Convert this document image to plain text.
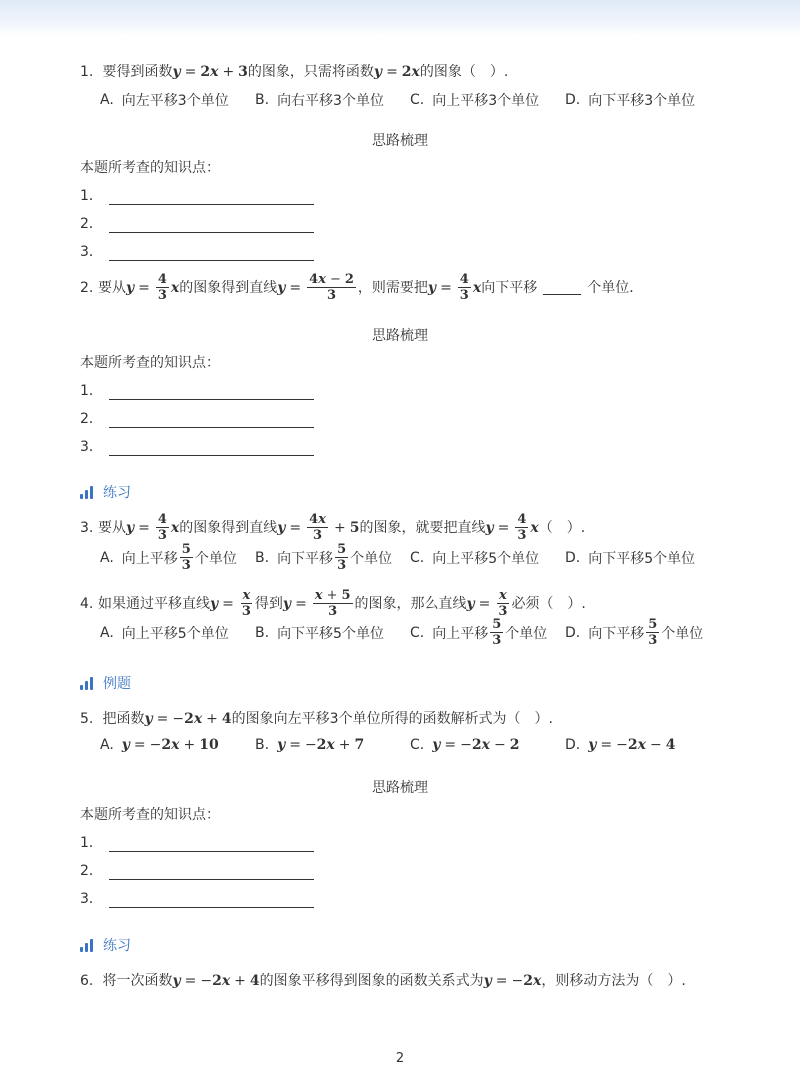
1. 要得到函数y = 2x + 3的图象，只需将函数y = 2x的图象（　）.
A. 向左平移3个单位 B. 向右平移3个单位 C. 向上平移3个单位 D. 向下平移3个单位
思路梳理
本题所考查的知识点：
1．
2．
3．
2. 要从 $y = \frac{4}{3}$ x 的图象得到直线 $y = \frac{4x - 2}{3}$ ，则需要把 $y = \frac{4}{3}$ x 向下平移	个单位．
思路梳理
本题所考查的知识点：
1．
2．
3．
练习
3. 要从 $y = \frac{4}{3}$ x 的图象得到直线 $y = \frac{4x}{3} + 5$ 的图象，就要把直线 $y = \frac{4}{3}$ x （　）.
A. 向上平移 $\frac{5}{3}$ 个单位 B. 向下平移 $\frac{5}{3}$ 个单位 C. 向上平移5个单位 D. 向下平移5个单位
4. 如果通过平移直线 $y = \frac{x}{3}$ 得到 $y = \frac{x + 5}{3}$ 的图象，那么直线 $y = \frac{x}{3}$ 必须（　）.
A. 向上平移5个单位 B. 向下平移5个单位 C. 向上平移 $\frac{5}{3}$ 个单位 D. 向下平移 $\frac{5}{3}$ 个单位
例题
5. 把函数y = −2x + 4的图象向左平移3个单位所得的函数解析式为（　）.
A. y = − 2 x + 10	B. y = − 2 x + 7	C. y = − 2 x − 2	D. y = − 2 x − 4
思路梳理
本题所考查的知识点：
1．
2．
3．
练习
6. 将一次函数y = −2x + 4的图象平移得到图象的函数关系式为y = −2x，则移动方法为（　）.
2
